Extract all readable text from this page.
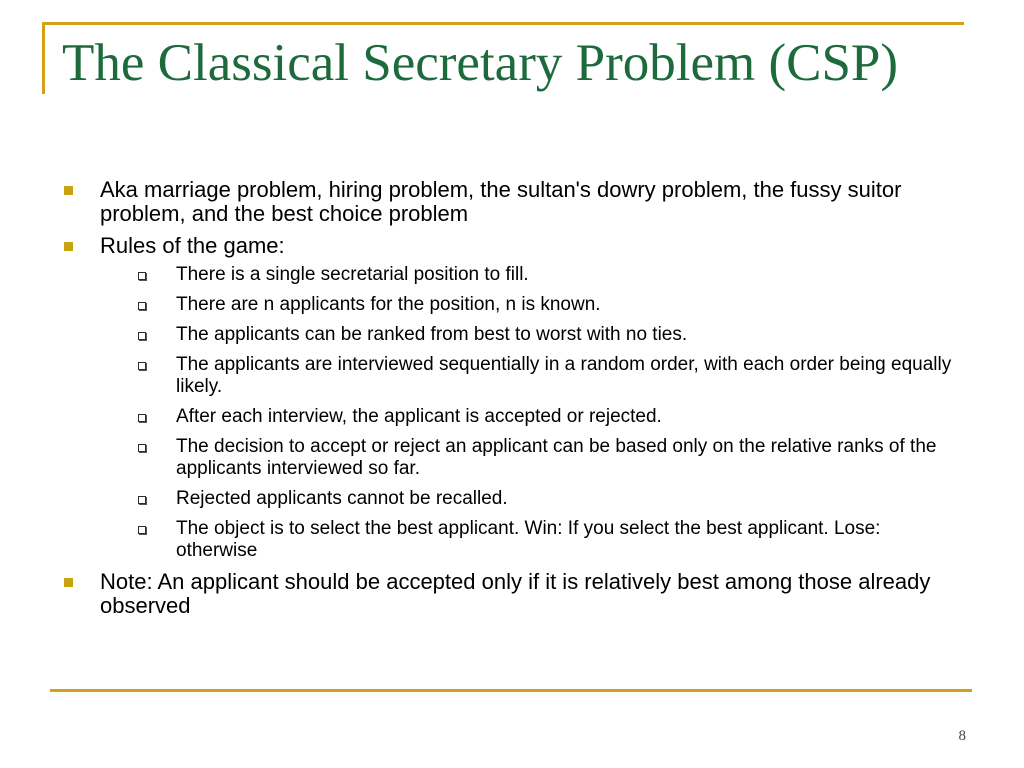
The Classical Secretary Problem (CSP)
Aka marriage problem, hiring problem, the sultan's dowry problem, the fussy suitor problem, and the best choice problem
Rules of the game:
There is a single secretarial position to fill.
There are n applicants for the position, n is known.
The applicants can be ranked from best to worst with no ties.
The applicants are interviewed sequentially in a random order, with each order being equally likely.
After each interview, the applicant is accepted or rejected.
The decision to accept or reject an applicant can be based only on the relative ranks of the applicants interviewed so far.
Rejected applicants cannot be recalled.
The object is to select the best applicant. Win: If you select the best applicant. Lose: otherwise
Note: An applicant should be accepted only if it is relatively best among those already observed
8
